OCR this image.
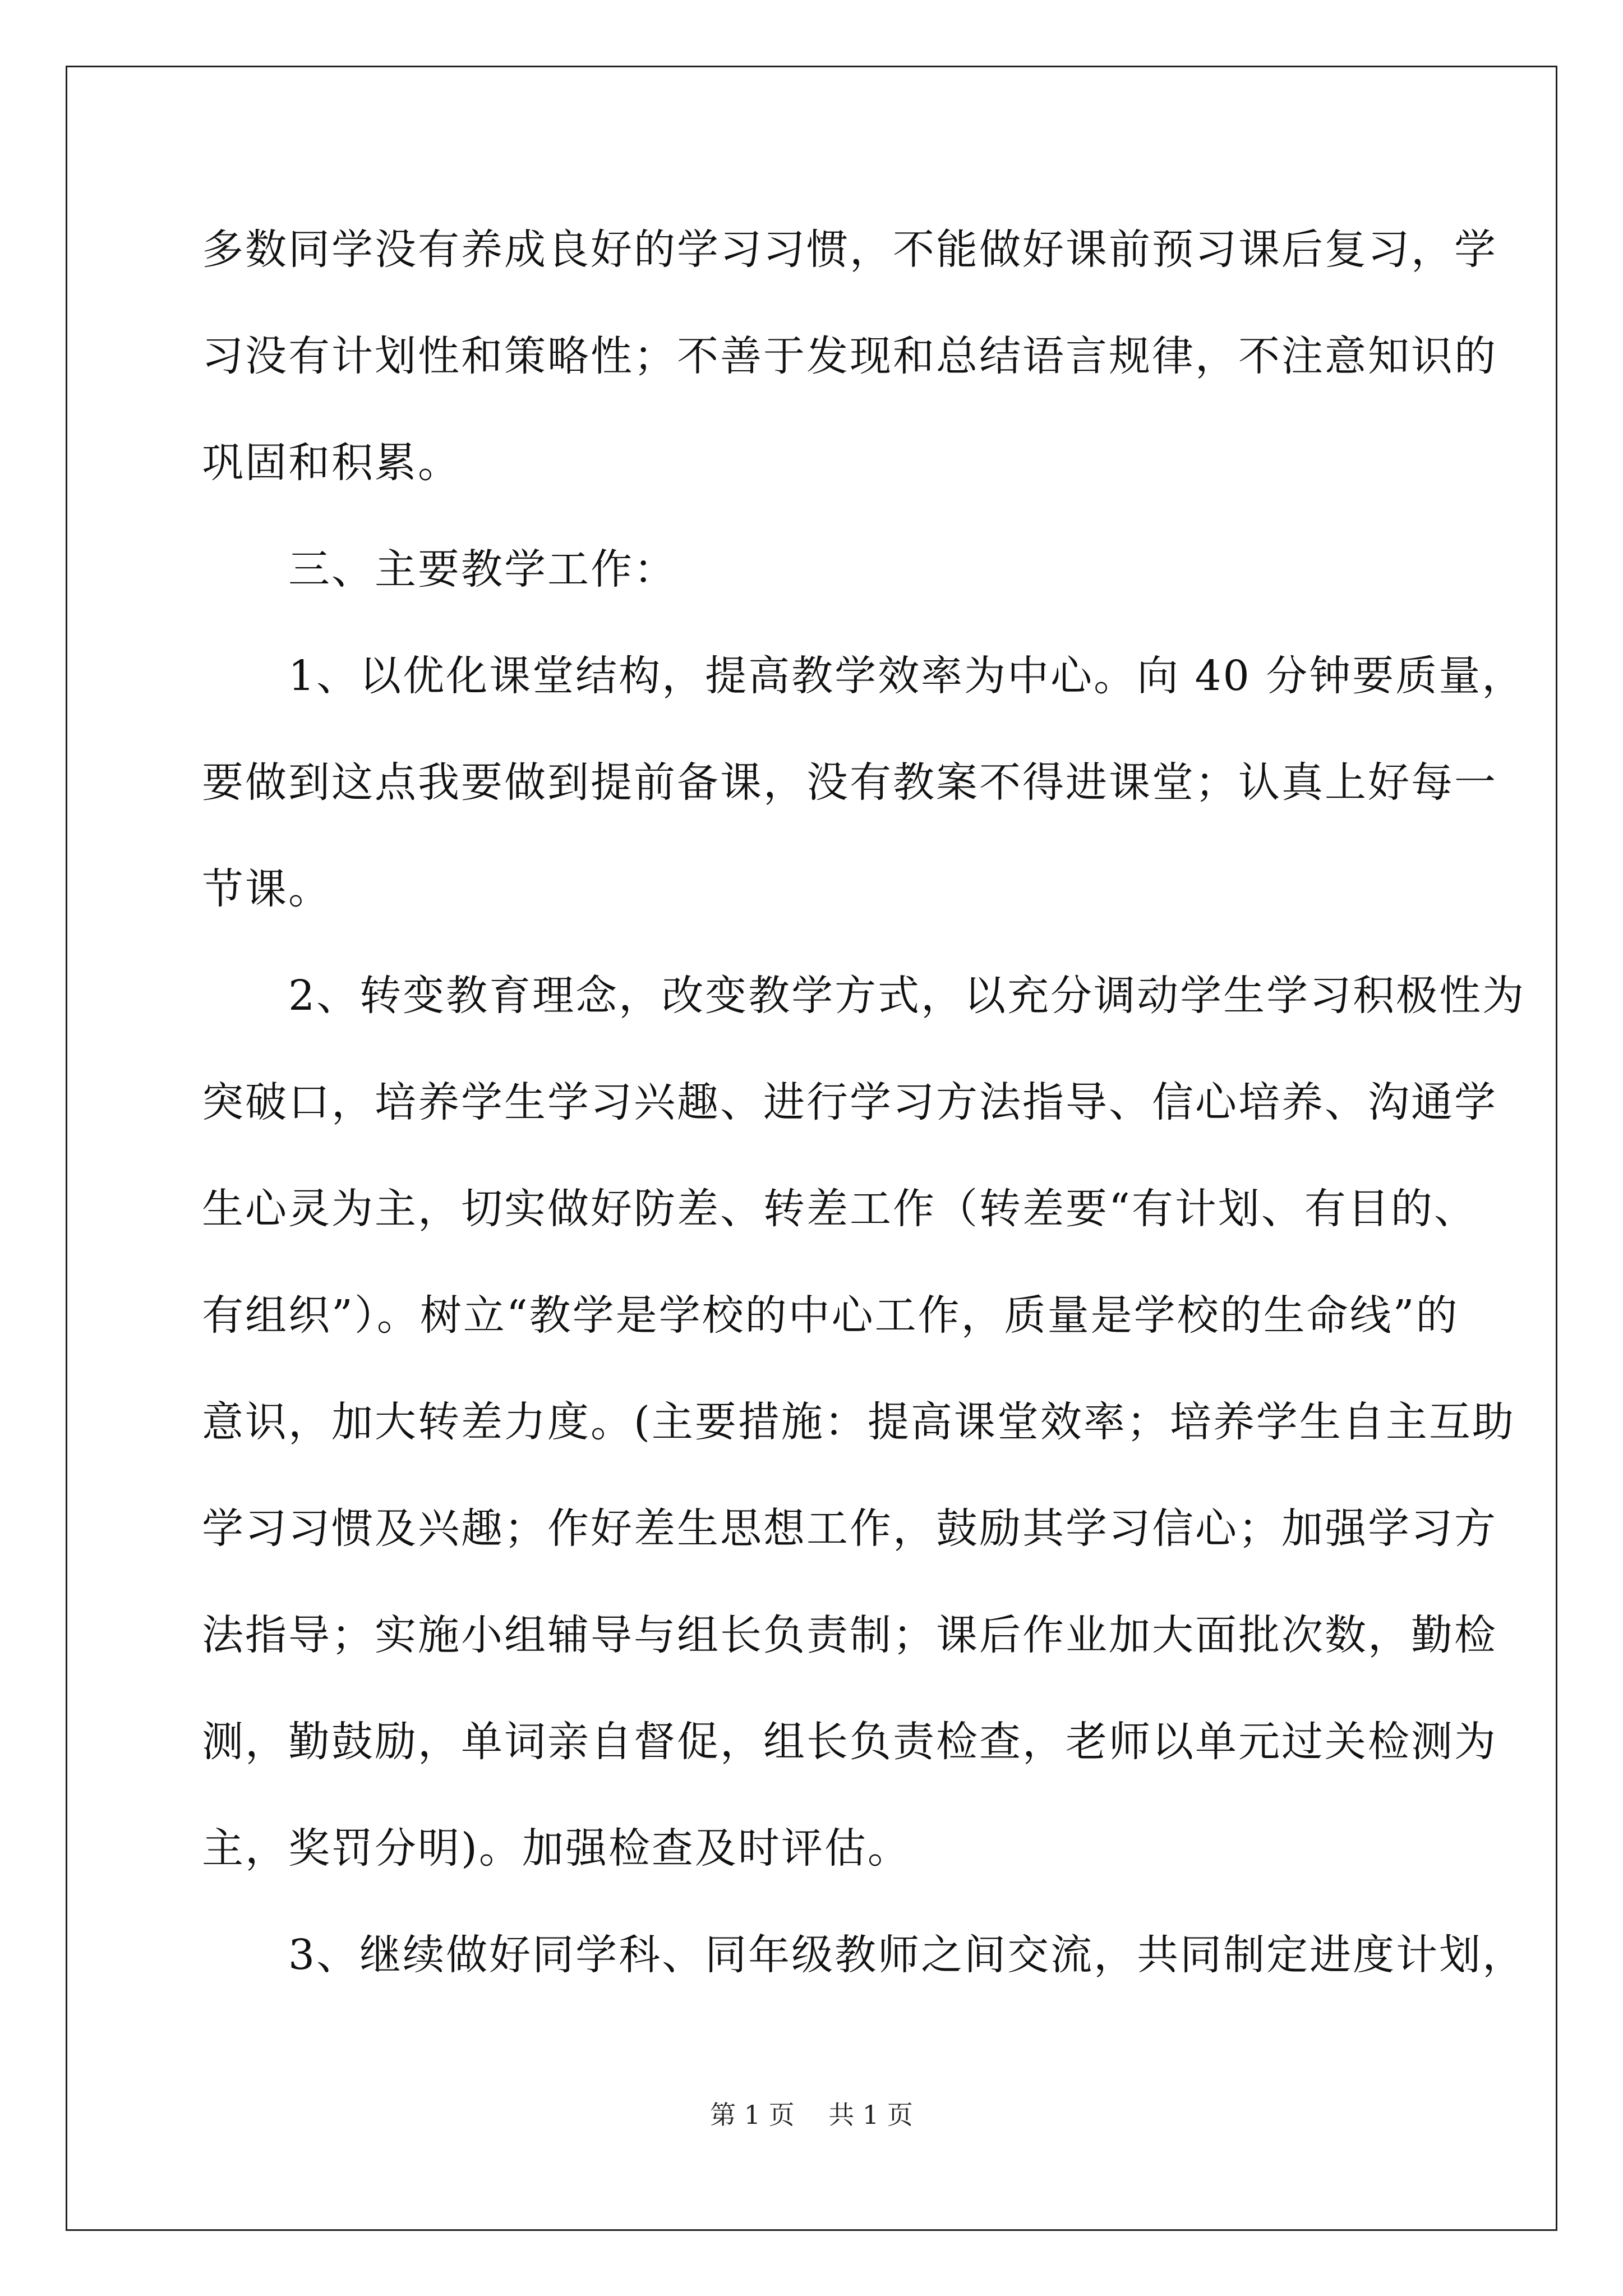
多数同学没有养成良好的学习习惯，不能做好课前预习课后复习，学
习没有计划性和策略性；不善于发现和总结语言规律，不注意知识的
巩固和积累。
　　三、主要教学工作：
　　1、以优化课堂结构，提高教学效率为中心。向 40 分钟要质量，
要做到这点我要做到提前备课，没有教案不得进课堂；认真上好每一
节课。
　　2、转变教育理念，改变教学方式，以充分调动学生学习积极性为
突破口，培养学生学习兴趣、进行学习方法指导、信心培养、沟通学
生心灵为主，切实做好防差、转差工作（转差要“有计划、有目的、
有组织”）。树立“教学是学校的中心工作，质量是学校的生命线”的
意识，加大转差力度。(主要措施：提高课堂效率；培养学生自主互助
学习习惯及兴趣；作好差生思想工作，鼓励其学习信心；加强学习方
法指导；实施小组辅导与组长负责制；课后作业加大面批次数，勤检
测，勤鼓励，单词亲自督促，组长负责检查，老师以单元过关检测为
主，奖罚分明)。加强检查及时评估。
　　3、继续做好同学科、同年级教师之间交流，共同制定进度计划，
第 1 页　 共 1 页
